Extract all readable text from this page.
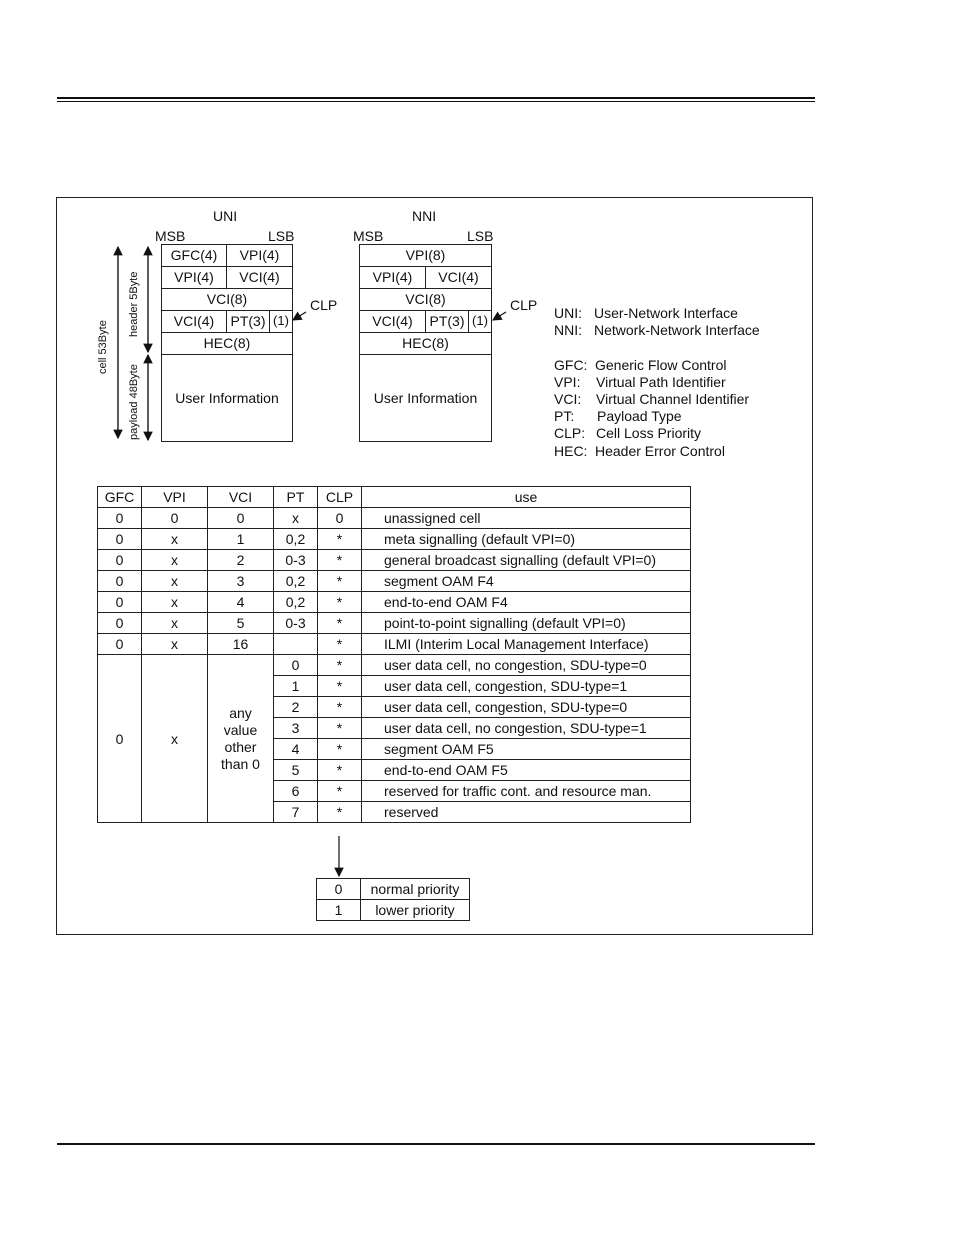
UNI
MSB	LSB
GFC(4)	VPI(4)
VPI(4)	VCI(4)
VCI(8)
VCI(4)	PT(3) (1)
HEC(8)
User Information
CLP
cell 53Byte
header 5Byte
payload 48Byte
NNI
MSB	LSB
VPI(8)
VPI(4)	VCI(4)
VCI(8)
VCI(4)	PT(3) (1)
HEC(8)
User Information
CLP UNI: User-Network Interface
NNI: Network-Network Interface
GFC: Generic Flow Control
VPI: Virtual Path Identifier
VCI: Virtual Channel Identifier
PT: Payload Type
CLP: Cell Loss Priority
HEC: Header Error Control
GFC	VPI	VCI	PT	CLP	use
0	0	0	x	0	unassigned cell
0	x	1	0,2	*	meta signalling (default VPI=0)
0	x	2	0-3	*	general broadcast signalling (default VPI=0)
0	x	3	0,2	*	segment OAM F4
0	x	4	0,2	*	end-to-end OAM F4
0	x	5	0-3	*	point-to-point signalling (default VPI=0)
0	x	16		*	ILMI (Interim Local Management Interface)
0	x	any value other than 0	0	*	user data cell, no congestion, SDU-type=0
			1	*	user data cell, congestion, SDU-type=1
			2	*	user data cell, congestion, SDU-type=0
			3	*	user data cell, no congestion, SDU-type=1
			4	*	segment OAM F5
			5	*	end-to-end OAM F5
			6	*	reserved for traffic cont. and resource man.
			7	*	reserved
0	normal priority
1	lower priority
